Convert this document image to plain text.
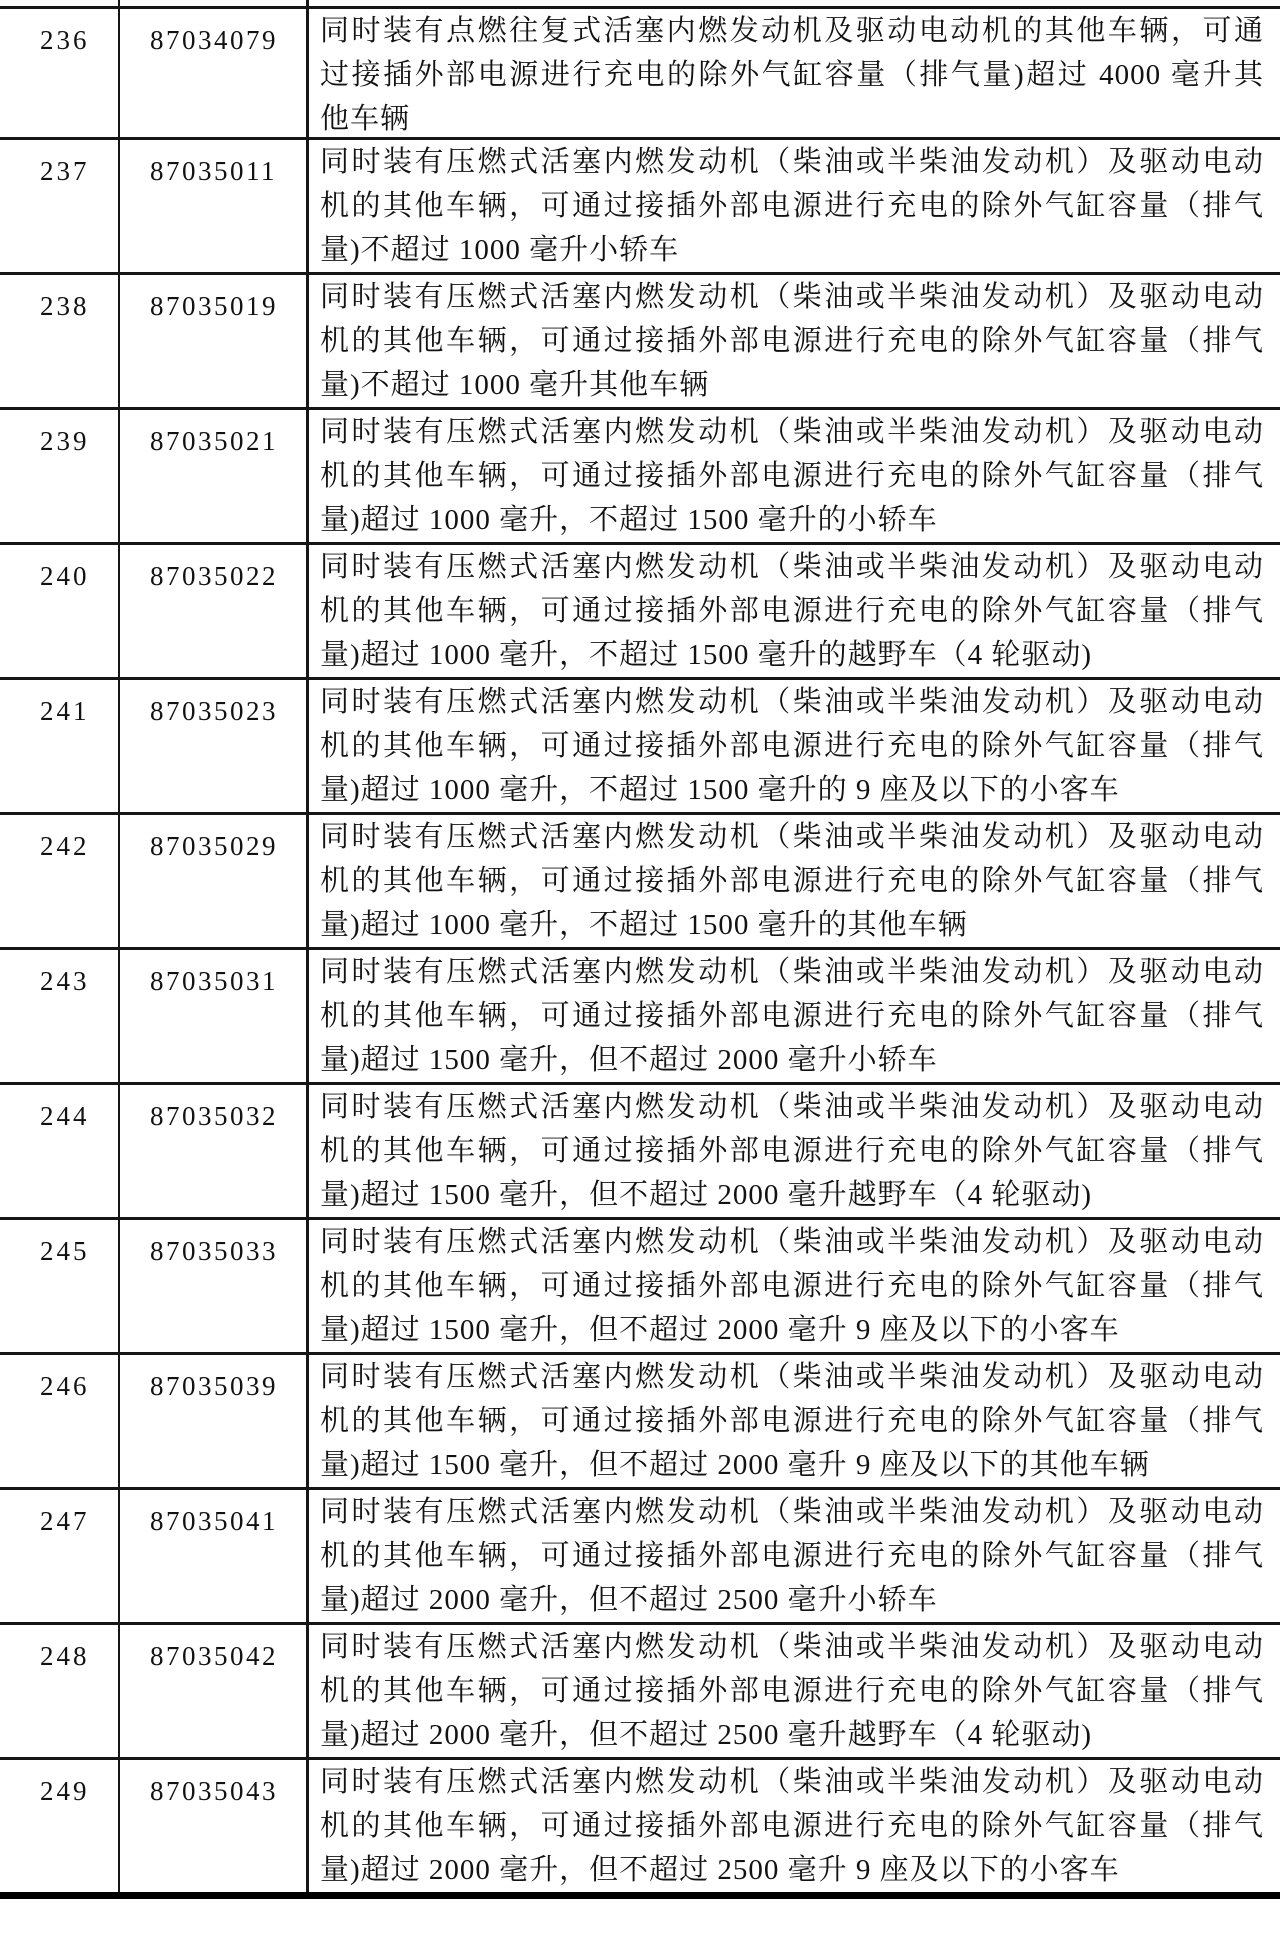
236	87034079	同时装有点燃往复式活塞内燃发动机及驱动电动机的其他车辆，可通
过接插外部电源进行充电的除外气缸容量（排气量)超过 4000 毫升其
他车辆
237	87035011	同时装有压燃式活塞内燃发动机（柴油或半柴油发动机）及驱动电动
机的其他车辆，可通过接插外部电源进行充电的除外气缸容量（排气
量)不超过 1000 毫升小轿车
238	87035019	同时装有压燃式活塞内燃发动机（柴油或半柴油发动机）及驱动电动
机的其他车辆，可通过接插外部电源进行充电的除外气缸容量（排气
量)不超过 1000 毫升其他车辆
239	87035021	同时装有压燃式活塞内燃发动机（柴油或半柴油发动机）及驱动电动
机的其他车辆，可通过接插外部电源进行充电的除外气缸容量（排气
量)超过 1000 毫升，不超过 1500 毫升的小轿车
240	87035022	同时装有压燃式活塞内燃发动机（柴油或半柴油发动机）及驱动电动
机的其他车辆，可通过接插外部电源进行充电的除外气缸容量（排气
量)超过 1000 毫升，不超过 1500 毫升的越野车（4 轮驱动)
241	87035023	同时装有压燃式活塞内燃发动机（柴油或半柴油发动机）及驱动电动
机的其他车辆，可通过接插外部电源进行充电的除外气缸容量（排气
量)超过 1000 毫升，不超过 1500 毫升的 9 座及以下的小客车
242	87035029	同时装有压燃式活塞内燃发动机（柴油或半柴油发动机）及驱动电动
机的其他车辆，可通过接插外部电源进行充电的除外气缸容量（排气
量)超过 1000 毫升，不超过 1500 毫升的其他车辆
243	87035031	同时装有压燃式活塞内燃发动机（柴油或半柴油发动机）及驱动电动
机的其他车辆，可通过接插外部电源进行充电的除外气缸容量（排气
量)超过 1500 毫升，但不超过 2000 毫升小轿车
244	87035032	同时装有压燃式活塞内燃发动机（柴油或半柴油发动机）及驱动电动
机的其他车辆，可通过接插外部电源进行充电的除外气缸容量（排气
量)超过 1500 毫升，但不超过 2000 毫升越野车（4 轮驱动)
245	87035033	同时装有压燃式活塞内燃发动机（柴油或半柴油发动机）及驱动电动
机的其他车辆，可通过接插外部电源进行充电的除外气缸容量（排气
量)超过 1500 毫升，但不超过 2000 毫升 9 座及以下的小客车
246	87035039	同时装有压燃式活塞内燃发动机（柴油或半柴油发动机）及驱动电动
机的其他车辆，可通过接插外部电源进行充电的除外气缸容量（排气
量)超过 1500 毫升，但不超过 2000 毫升 9 座及以下的其他车辆
247	87035041	同时装有压燃式活塞内燃发动机（柴油或半柴油发动机）及驱动电动
机的其他车辆，可通过接插外部电源进行充电的除外气缸容量（排气
量)超过 2000 毫升，但不超过 2500 毫升小轿车
248	87035042	同时装有压燃式活塞内燃发动机（柴油或半柴油发动机）及驱动电动
机的其他车辆，可通过接插外部电源进行充电的除外气缸容量（排气
量)超过 2000 毫升，但不超过 2500 毫升越野车（4 轮驱动)
249	87035043	同时装有压燃式活塞内燃发动机（柴油或半柴油发动机）及驱动电动
机的其他车辆，可通过接插外部电源进行充电的除外气缸容量（排气
量)超过 2000 毫升，但不超过 2500 毫升 9 座及以下的小客车
